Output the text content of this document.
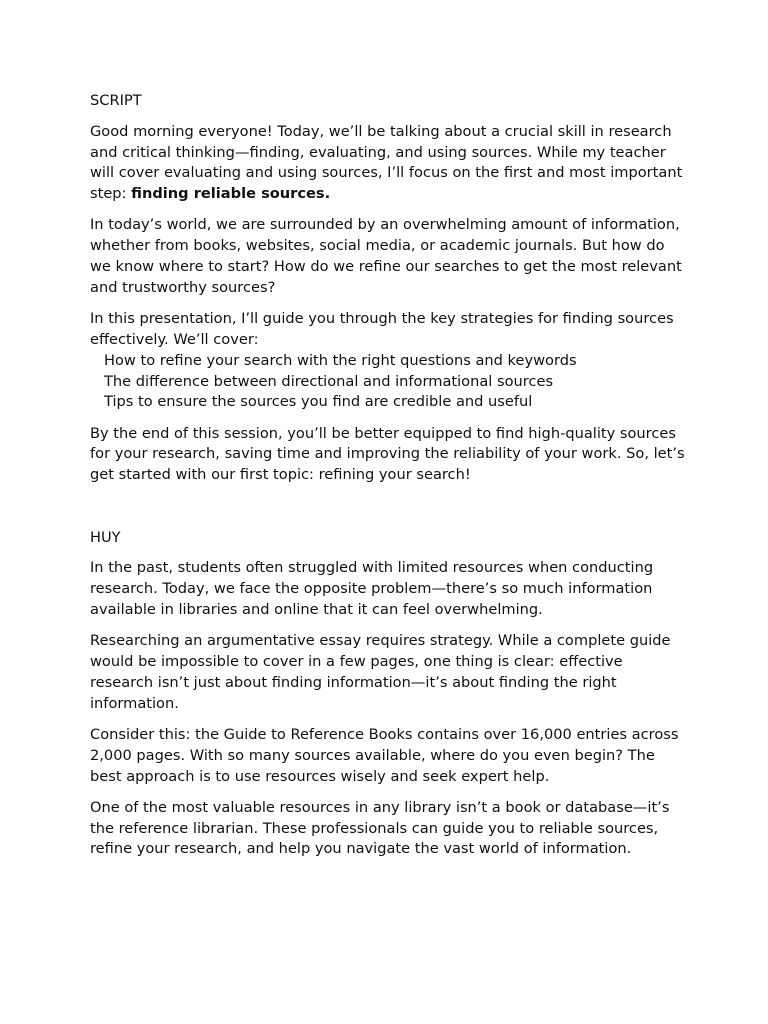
SCRIPT

Good morning everyone! Today, we’ll be talking about a crucial skill in research and critical thinking—finding, evaluating, and using sources. While my teacher will cover evaluating and using sources, I’ll focus on the first and most important step: finding reliable sources.

In today’s world, we are surrounded by an overwhelming amount of information, whether from books, websites, social media, or academic journals. But how do we know where to start? How do we refine our searches to get the most relevant and trustworthy sources?

In this presentation, I’ll guide you through the key strategies for finding sources effectively. We’ll cover:
How to refine your search with the right questions and keywords
The difference between directional and informational sources
Tips to ensure the sources you find are credible and useful

By the end of this session, you’ll be better equipped to find high-quality sources for your research, saving time and improving the reliability of your work. So, let’s get started with our first topic: refining your search!

HUY

In the past, students often struggled with limited resources when conducting research. Today, we face the opposite problem—there’s so much information available in libraries and online that it can feel overwhelming.

Researching an argumentative essay requires strategy. While a complete guide would be impossible to cover in a few pages, one thing is clear: effective research isn’t just about finding information—it’s about finding the right information.

Consider this: the Guide to Reference Books contains over 16,000 entries across 2,000 pages. With so many sources available, where do you even begin? The best approach is to use resources wisely and seek expert help.

One of the most valuable resources in any library isn’t a book or database—it’s the reference librarian. These professionals can guide you to reliable sources, refine your research, and help you navigate the vast world of information.
